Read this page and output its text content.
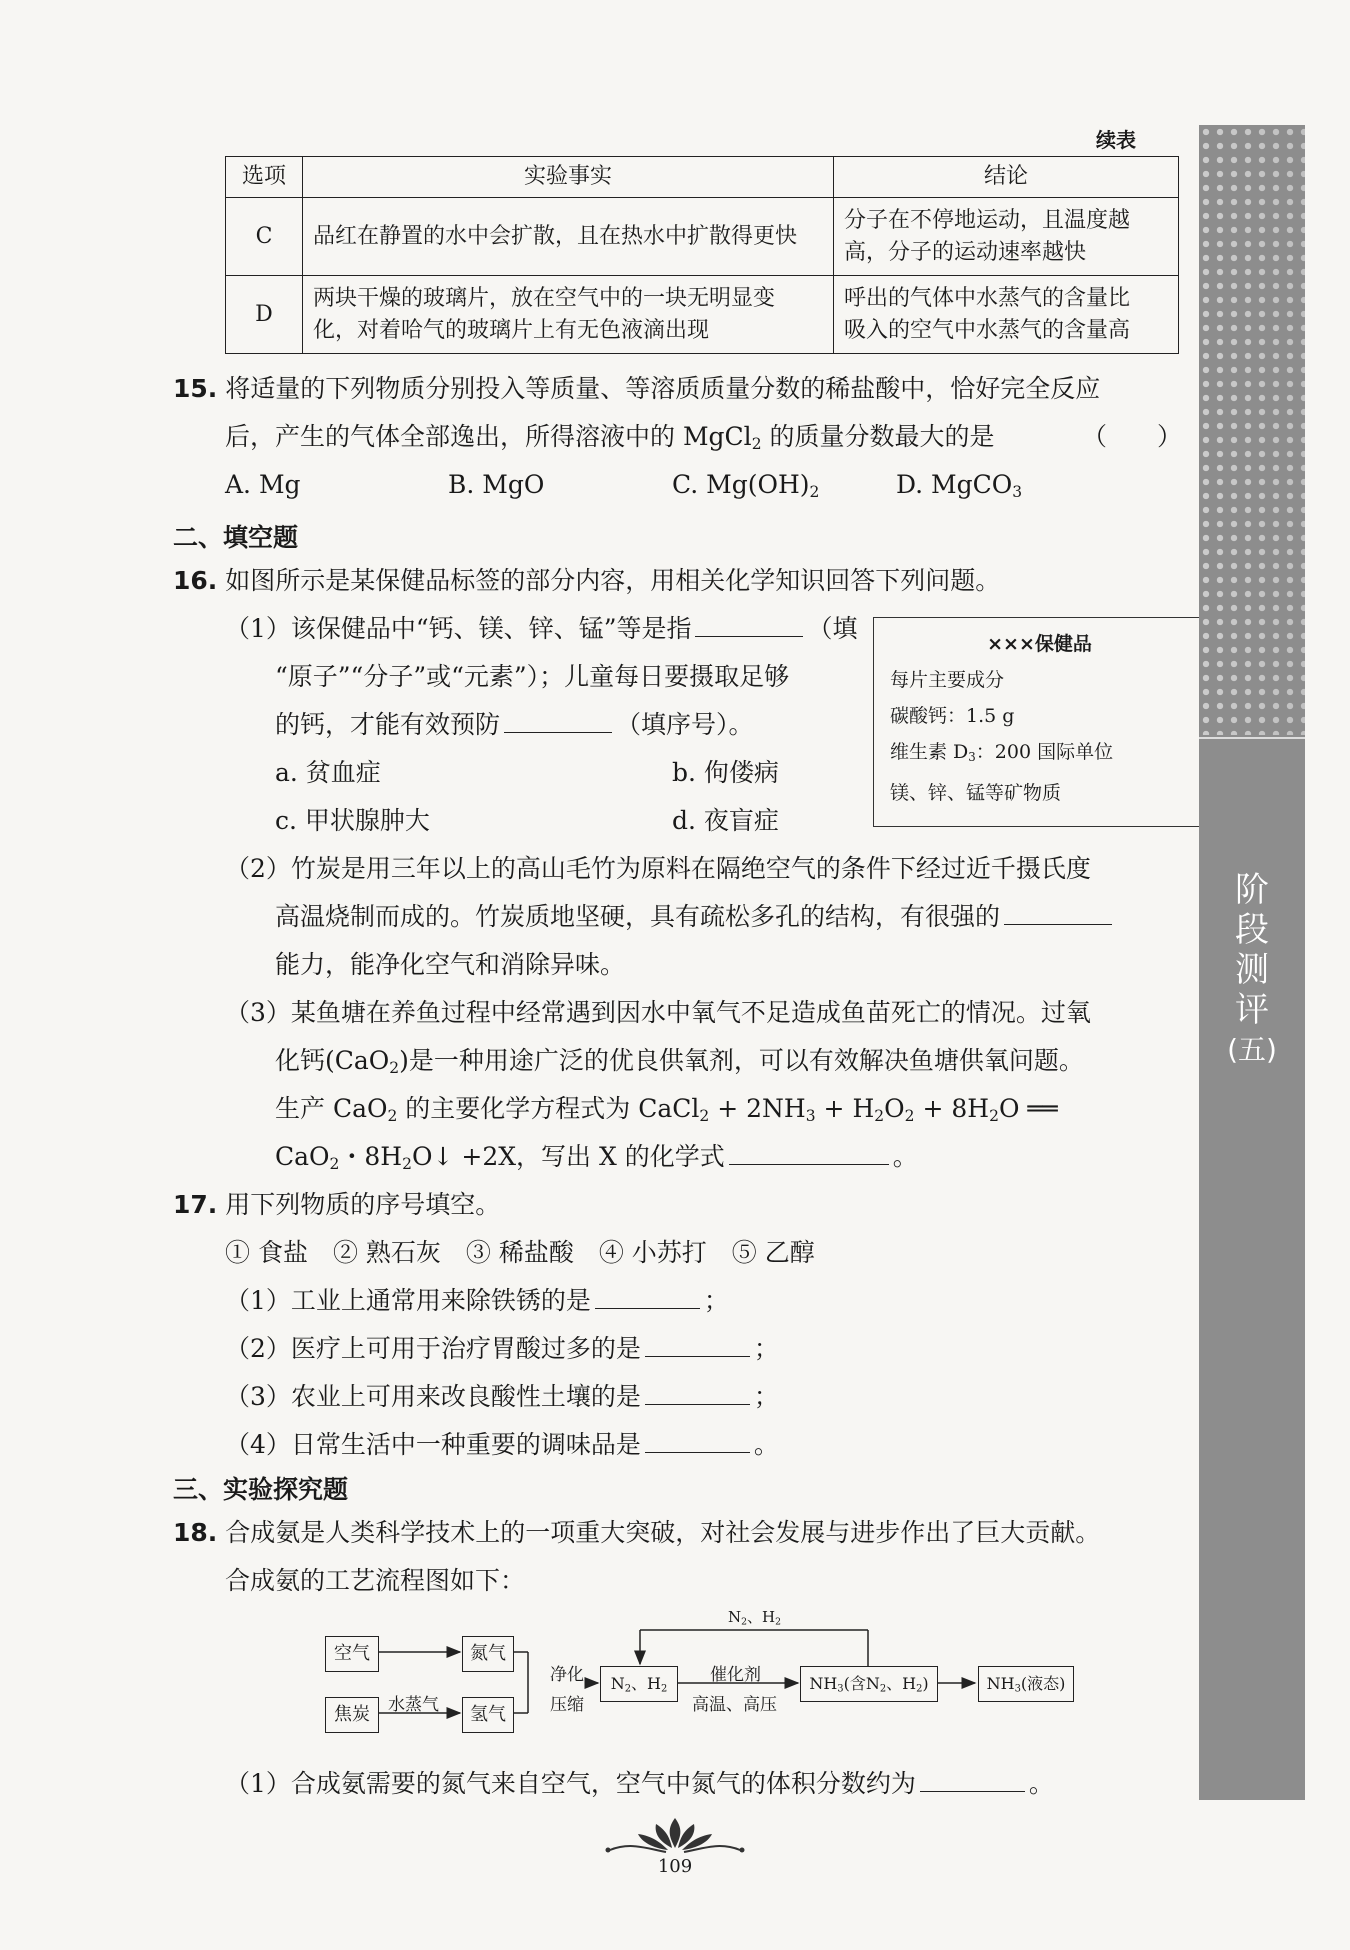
续表
选项	实验事实	结论
C	品红在静置的水中会扩散，且在热水中扩散得更快	分子在不停地运动，且温度越
高，分子的运动速率越快
D	两块干燥的玻璃片，放在空气中的一块无明显变
化，对着哈气的玻璃片上有无色液滴出现	呼出的气体中水蒸气的含量比
吸入的空气中水蒸气的含量高
15. 将适量的下列物质分别投入等质量、等溶质质量分数的稀盐酸中，恰好完全反应
后，产生的气体全部逸出，所得溶液中的 MgCl$_2$ 的质量分数最大的是	（　　）
A. Mg	B. MgO	C. $Mg(OH)_2$	D. MgCO$_3$
二、填空题
16. 如图所示是某保健品标签的部分内容，用相关化学知识回答下列问题。
（1）该保健品中“钙、镁、锌、锰”等是指	（填
“原子”“分子”或“元素”）；儿童每日要摄取足够
的钙，才能有效预防	（填序号）。
a. 贫血症	b. 佝偻病
c. 甲状腺肿大	d. 夜盲症
×××保健品
每片主要成分
碳酸钙：1.5 g
维生素 $D_3$：200 国际单位
镁、锌、锰等矿物质
（2）竹炭是用三年以上的高山毛竹为原料在隔绝空气的条件下经过近千摄氏度
高温烧制而成的。竹炭质地坚硬，具有疏松多孔的结构，有很强的
能力，能净化空气和消除异味。
（3）某鱼塘在养鱼过程中经常遇到因水中氧气不足造成鱼苗死亡的情况。过氧
化钙(CaO$_2$)是一种用途广泛的优良供氧剂，可以有效解决鱼塘供氧问题。
生产 CaO$_2$ 的主要化学方程式为 CaCl$_2$ + $2NH_3 + H_2O_2 + 8H_2O$ ══
CaO$_2$・$8H_2O↓ +2X$，写出 X 的化学式	。
17. 用下列物质的序号填空。
① 食盐　② 熟石灰　③ 稀盐酸　④ 小苏打　⑤ 乙醇
（1）工业上通常用来除铁锈的是	；
（2）医疗上可用于治疗胃酸过多的是	；
（3）农业上可用来改良酸性土壤的是	；
（4）日常生活中一种重要的调味品是	。
三、实验探究题
18. 合成氨是人类科学技术上的一项重大突破，对社会发展与进步作出了巨大贡献。
合成氨的工艺流程图如下：
空气	氮气
焦炭	氢气
水蒸气
净化
压缩
$N_2$、$H_2$
催化剂
高温、高压
$NH_3$(含$N_2$、$H_2$)	$NH_3$(液态)
$N_2$、$H_2$
（1）合成氨需要的氮气来自空气，空气中氮气的体积分数约为	。
阶
段
测
评
(五)
109
